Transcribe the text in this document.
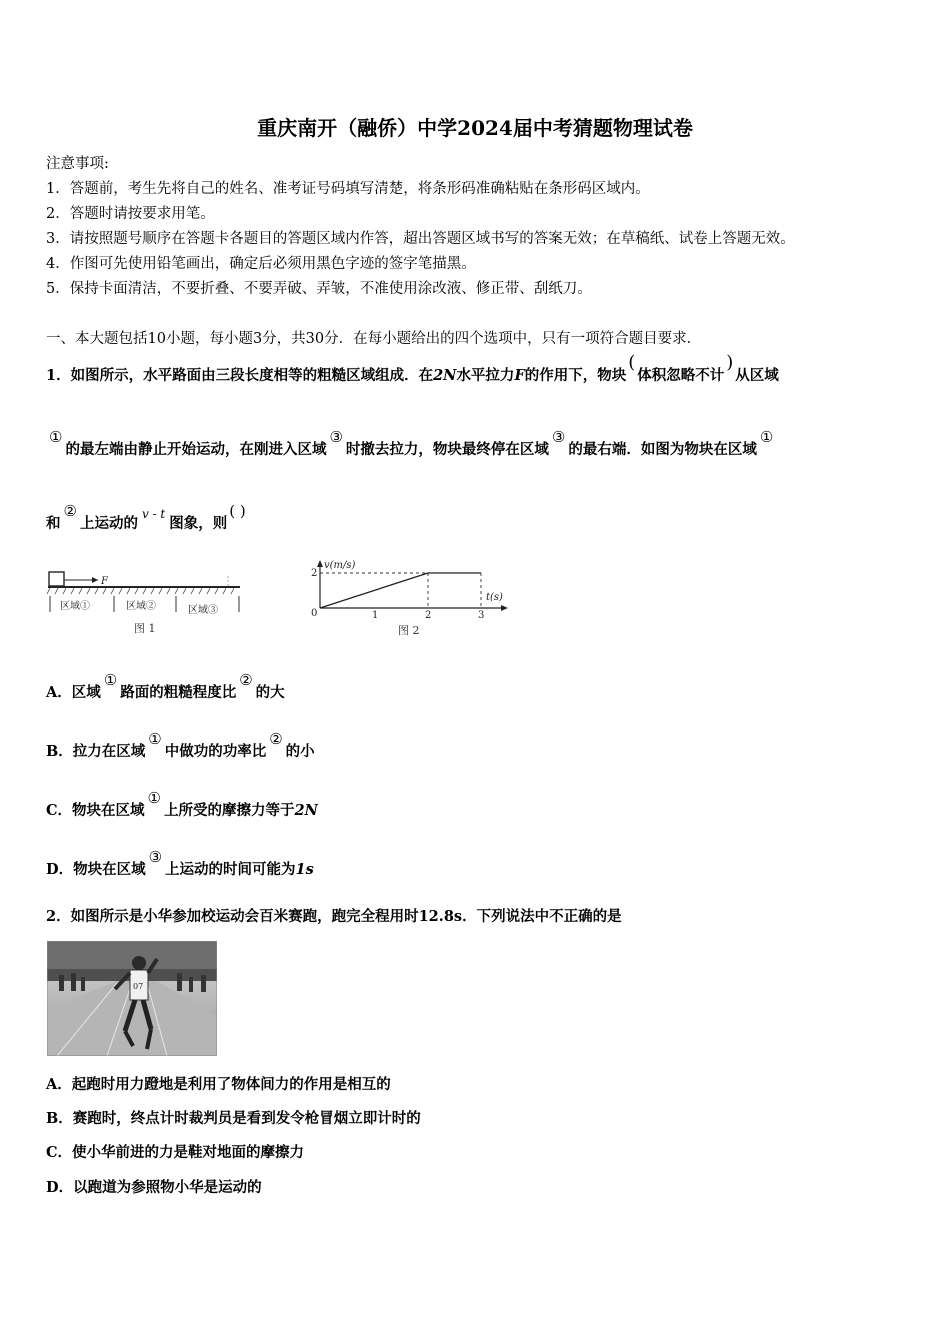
重庆南开（融侨）中学2024届中考猜题物理试卷
注意事项:
1．答题前，考生先将自己的姓名、准考证号码填写清楚，将条形码准确粘贴在条形码区域内。
2．答题时请按要求用笔。
3．请按照题号顺序在答题卡各题目的答题区域内作答，超出答题区域书写的答案无效；在草稿纸、试卷上答题无效。
4．作图可先使用铅笔画出，确定后必须用黑色字迹的签字笔描黑。
5．保持卡面清洁，不要折叠、不要弄破、弄皱，不准使用涂改液、修正带、刮纸刀。
一、本大题包括10小题，每小题3分，共30分．在每小题给出的四个选项中，只有一项符合题目要求．
1．如图所示，水平路面由三段长度相等的粗糙区域组成．在2N水平拉力F的作用下，物块(体积忽略不计)从区域
①的最左端由静止开始运动，在刚进入区域③时撤去拉力，物块最终停在区域③的最右端．如图为物块在区域①
和②上运动的$^{v - t}$图象，则( )
F
区域①	区域②	区域③
图 1
v(m/s)
t(s)
2
0	1	2	3
图 2
A．区域①路面的粗糙程度比②的大
B．拉力在区域①中做功的功率比②的小
C．物块在区域①上所受的摩擦力等于2N
D．物块在区域③上运动的时间可能为1s
2．如图所示是小华参加校运动会百米赛跑，跑完全程用时12.8s．下列说法中不正确的是
07
A．起跑时用力蹬地是利用了物体间力的作用是相互的
B．赛跑时，终点计时裁判员是看到发令枪冒烟立即计时的
C．使小华前进的力是鞋对地面的摩擦力
D．以跑道为参照物小华是运动的
